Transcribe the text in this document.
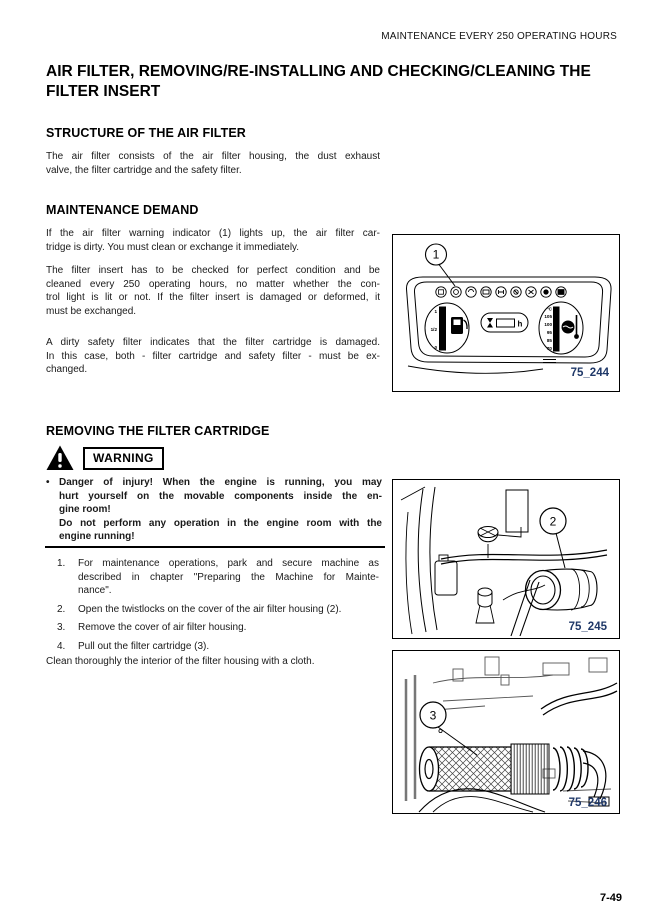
MAINTENANCE EVERY 250 OPERATING HOURS
AIR FILTER, REMOVING/RE-INSTALLING AND CHECKING/CLEANING THE FILTER INSERT
STRUCTURE OF THE AIR FILTER
The air filter consists of the air filter housing, the dust exhaust
valve, the filter cartridge and the safety filter.
MAINTENANCE DEMAND
If the air filter warning indicator (1) lights up, the air filter car-
tridge is dirty. You must clean or exchange it immediately.
The filter insert has to be checked for perfect condition and be
cleaned every 250 operating hours, no matter whether the con-
trol light is lit or not. If the filter insert is damaged or deformed, it
must be exchanged.
A dirty safety filter indicates that the filter cartridge is damaged.
In this case, both - filter cartridge and safety filter - must be ex-
changed.
1
1/2
0
h
°C
105
100
95
85
70
1
75_244
REMOVING THE FILTER CARTRIDGE
WARNING
• Danger of injury! When the engine is running, you may
hurt yourself on the movable components inside the en-
gine room!
Do not perform any operation in the engine room with the
engine running!
1.	For maintenance operations, park and secure machine as
described in chapter "Preparing the Machine for Mainte-
nance".
2.	Open the twistlocks on the cover of the air filter housing (2).
3.	Remove the cover of air filter housing.
4.	Pull out the filter cartridge (3).
Clean thoroughly the interior of the filter housing with a cloth.
2
75_245
3
75_246
7-49
